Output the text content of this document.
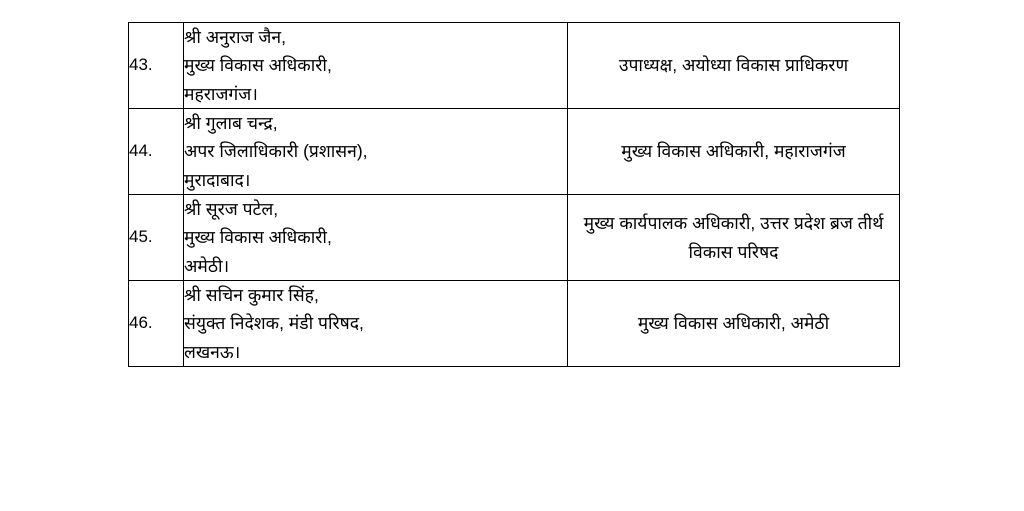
43.	श्री अनुराज जैन,
मुख्य विकास अधिकारी,
महराजगंज।	उपाध्यक्ष, अयोध्या विकास प्राधिकरण

44.	श्री गुलाब चन्द्र,
अपर जिलाधिकारी (प्रशासन),
मुरादाबाद।	मुख्य विकास अधिकारी, महाराजगंज

45.	श्री सूरज पटेल,
मुख्य विकास अधिकारी,
अमेठी।	मुख्य कार्यपालक अधिकारी, उत्तर प्रदेश ब्रज तीर्थ विकास परिषद

46.	श्री सचिन कुमार सिंह,
संयुक्त निदेशक, मंडी परिषद,
लखनऊ।	मुख्य विकास अधिकारी, अमेठी
